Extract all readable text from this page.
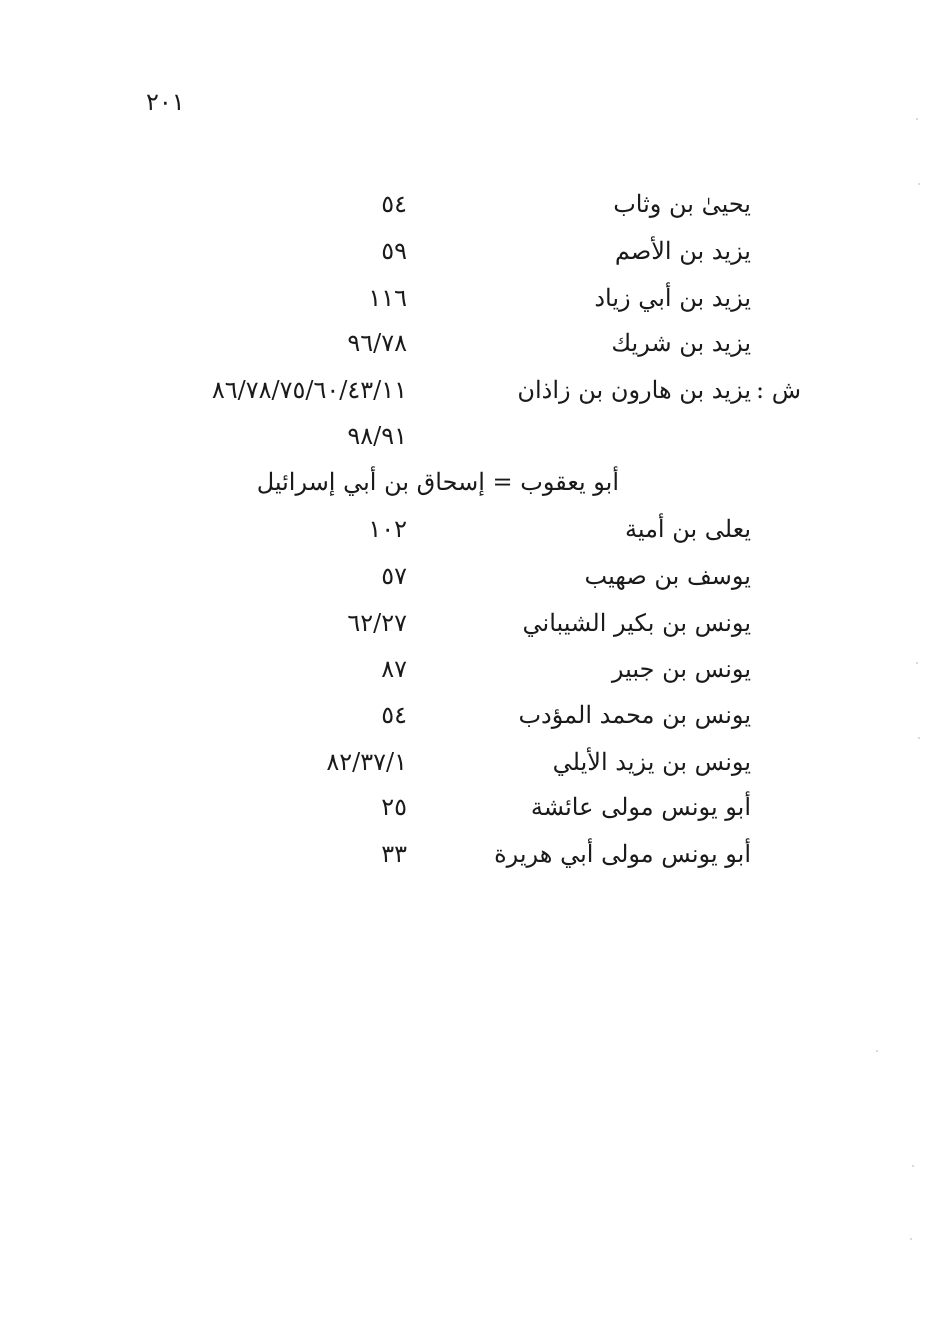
٢٠١
يحيىٰ بن وثاب
٥٤
يزيد بن الأصم
٥٩
يزيد بن أبي زياد
١١٦
يزيد بن شريك
٩٦/٧٨
ش :
يزيد بن هارون بن زاذان
٨٦/٧٨/٧٥/٦٠/٤٣/١١
٩٨/٩١
أبو يعقوب = إسحاق بن أبي إسرائيل
يعلى بن أمية
١٠٢
يوسف بن صهيب
٥٧
يونس بن بكير الشيباني
٦٢/٢٧
يونس بن جبير
٨٧
يونس بن محمد المؤدب
٥٤
يونس بن يزيد الأيلي
٨٢/٣٧/١
أبو يونس مولى عائشة
٢٥
أبو يونس مولى أبي هريرة
٣٣
